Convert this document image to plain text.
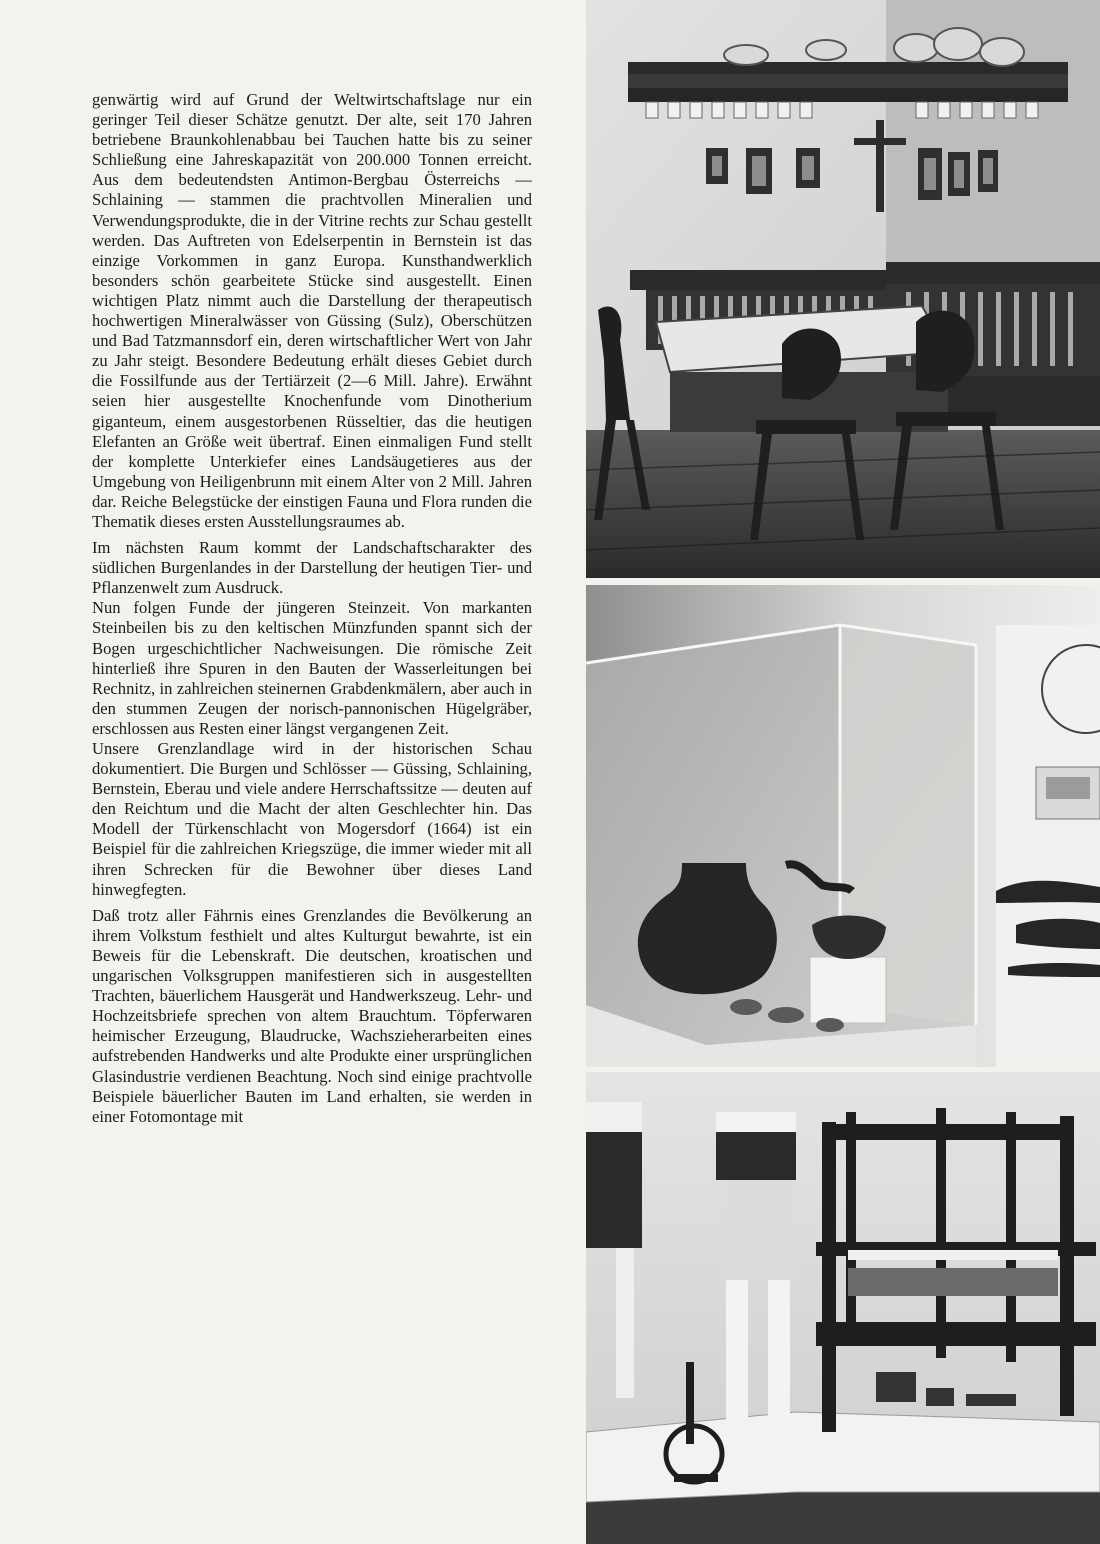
genwärtig wird auf Grund der Weltwirtschaftslage nur ein geringer Teil dieser Schätze genutzt. Der alte, seit 170 Jahren betriebene Braunkohlenabbau bei Tauchen hatte bis zu seiner Schließung eine Jahreskapazität von 200.000 Tonnen erreicht. Aus dem bedeutendsten Antimon-Bergbau Österreichs — Schlaining — stammen die prachtvollen Mineralien und Verwendungsprodukte, die in der Vitrine rechts zur Schau gestellt werden. Das Auftreten von Edelserpentin in Bernstein ist das einzige Vorkommen in ganz Europa. Kunsthandwerklich besonders schön gearbeitete Stücke sind ausgestellt. Einen wichtigen Platz nimmt auch die Darstellung der therapeutisch hochwertigen Mineralwässer von Güssing (Sulz), Oberschützen und Bad Tatzmannsdorf ein, deren wirtschaftlicher Wert von Jahr zu Jahr steigt. Besondere Bedeutung erhält dieses Gebiet durch die Fossilfunde aus der Tertiärzeit (2—6 Mill. Jahre). Erwähnt seien hier ausgestellte Knochenfunde vom Dinotherium giganteum, einem ausgestorbenen Rüsseltier, das die heutigen Elefanten an Größe weit übertraf. Einen einmaligen Fund stellt der komplette Unterkiefer eines Landsäugetieres aus der Umgebung von Heiligenbrunn mit einem Alter von 2 Mill. Jahren dar. Reiche Belegstücke der einstigen Fauna und Flora runden die Thematik dieses ersten Ausstellungsraumes ab.

Im nächsten Raum kommt der Landschaftscharakter des südlichen Burgenlandes in der Darstellung der heutigen Tier- und Pflanzenwelt zum Ausdruck.

Nun folgen Funde der jüngeren Steinzeit. Von markanten Steinbeilen bis zu den keltischen Münzfunden spannt sich der Bogen urgeschichtlicher Nachweisungen. Die römische Zeit hinterließ ihre Spuren in den Bauten der Wasserleitungen bei Rechnitz, in zahlreichen steinernen Grabdenkmälern, aber auch in den stummen Zeugen der norisch-pannonischen Hügelgräber, erschlossen aus Resten einer längst vergangenen Zeit.

Unsere Grenzlandlage wird in der historischen Schau dokumentiert. Die Burgen und Schlösser — Güssing, Schlaining, Bernstein, Eberau und viele andere Herrschaftssitze — deuten auf den Reichtum und die Macht der alten Geschlechter hin. Das Modell der Türkenschlacht von Mogersdorf (1664) ist ein Beispiel für die zahlreichen Kriegszüge, die immer wieder mit all ihren Schrecken für die Bewohner über dieses Land hinwegfegten.

Daß trotz aller Fährnis eines Grenzlandes die Bevölkerung an ihrem Volkstum festhielt und altes Kulturgut bewahrte, ist ein Beweis für die Lebenskraft. Die deutschen, kroatischen und ungarischen Volksgruppen manifestieren sich in ausgestellten Trachten, bäuerlichem Hausgerät und Handwerkszeug. Lehr- und Hochzeitsbriefe sprechen von altem Brauchtum. Töpferwaren heimischer Erzeugung, Blaudrucke, Wachszieherarbeiten eines aufstrebenden Handwerks und alte Produkte einer ursprünglichen Glasindustrie verdienen Beachtung. Noch sind einige prachtvolle Beispiele bäuerlicher Bauten im Land erhalten, sie werden in einer Fotomontage mit
